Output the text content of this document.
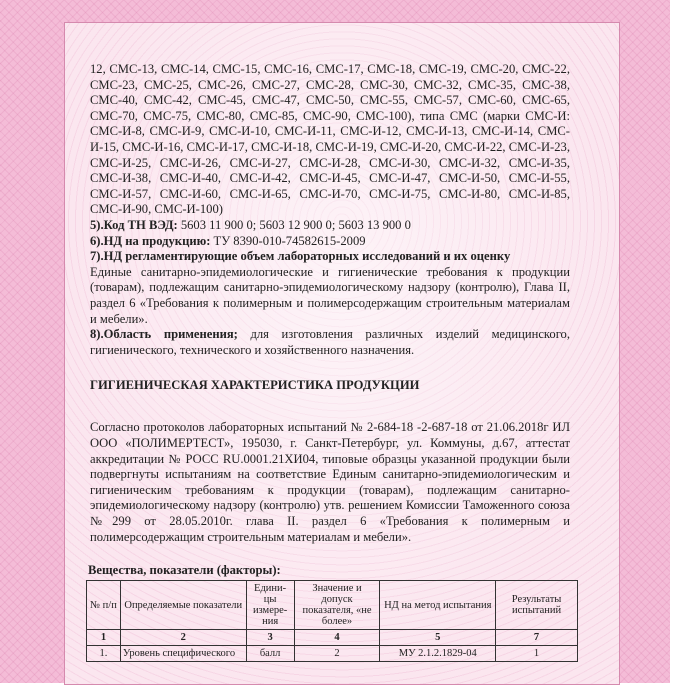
12, СМС-13, СМС-14, СМС-15, СМС-16, СМС-17, СМС-18, СМС-19, СМС-20, СМС-22, СМС-23, СМС-25, СМС-26, СМС-27, СМС-28, СМС-30, СМС-32, СМС-35, СМС-38, СМС-40, СМС-42, СМС-45, СМС-47, СМС-50, СМС-55, СМС-57, СМС-60, СМС-65, СМС-70, СМС-75, СМС-80, СМС-85, СМС-90, СМС-100), типа СМС (марки СМС-И: СМС-И-8, СМС-И-9, СМС-И-10, СМС-И-11, СМС-И-12, СМС-И-13, СМС-И-14, СМС-И-15, СМС-И-16, СМС-И-17, СМС-И-18, СМС-И-19, СМС-И-20, СМС-И-22, СМС-И-23, СМС-И-25, СМС-И-26, СМС-И-27, СМС-И-28, СМС-И-30, СМС-И-32, СМС-И-35, СМС-И-38, СМС-И-40, СМС-И-42, СМС-И-45, СМС-И-47, СМС-И-50, СМС-И-55, СМС-И-57, СМС-И-60, СМС-И-65, СМС-И-70, СМС-И-75, СМС-И-80, СМС-И-85, СМС-И-90, СМС-И-100)

5).Код ТН ВЭД: 5603 11 900 0; 5603 12 900 0; 5603 13 900 0

6).НД на продукцию: ТУ 8390-010-74582615-2009

7).НД регламентирующие объем лабораторных исследований и их оценку

Единые санитарно-эпидемиологические и гигиенические требования к продукции (товарам), подлежащим санитарно-эпидемиологическому надзору (контролю), Глава II, раздел 6 «Требования к полимерным и полимерсодержащим строительным материалам и мебели».

8).Область применения; для изготовления различных изделий медицинского, гигиенического, технического и хозяйственного назначения.

ГИГИЕНИЧЕСКАЯ ХАРАКТЕРИСТИКА ПРОДУКЦИИ

Согласно протоколов лабораторных испытаний № 2-684-18 -2-687-18 от 21.06.2018г ИЛ ООО «ПОЛИМЕРТЕСТ», 195030, г. Санкт-Петербург, ул. Коммуны, д.67, аттестат аккредитации № РОСС RU.0001.21ХИ04, типовые образцы указанной продукции были подвергнуты испытаниям на соответствие Единым санитарно-эпидемиологическим и гигиеническим требованиям к продукции (товарам), подлежащим санитарно-эпидемиологическому надзору (контролю) утв. решением Комиссии Таможенного союза №299 от 28.05.2010г. глава II. раздел 6 «Требования к полимерным и полимерсодержащим строительным материалам и мебели».

Вещества, показатели (факторы):
№ п/п	Определяемые показатели	Едини-цы измере-ния	Значение и допуск показателя, «не более»	НД на метод испытания	Результаты испытаний
1	2	3	4	5	7
1.	Уровень специфического	балл	2	МУ 2.1.2.1829-04	1
